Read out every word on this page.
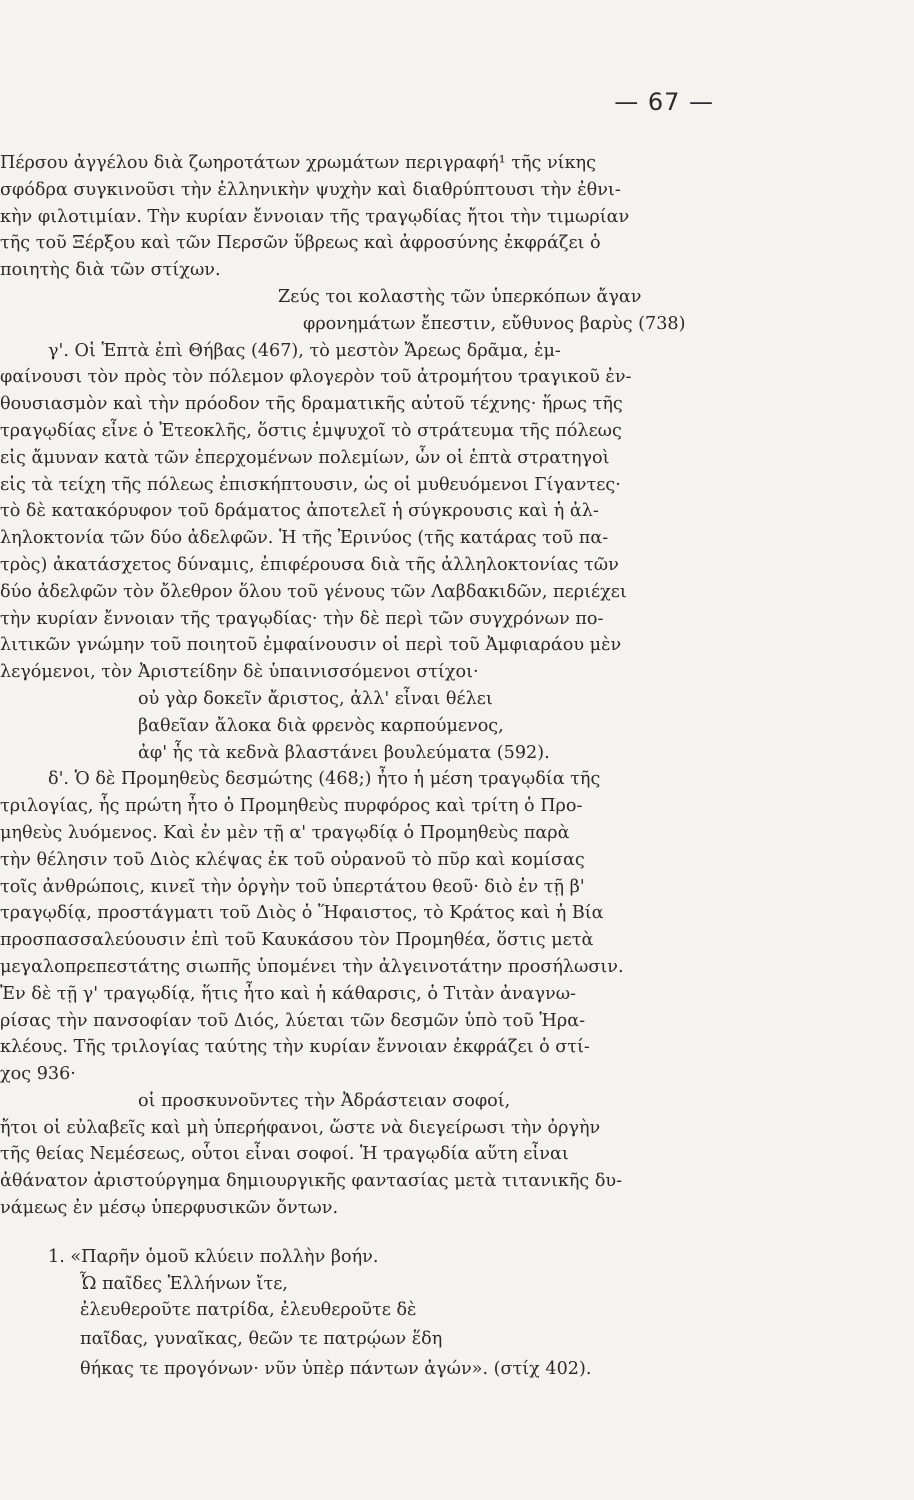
— 67 —
Πέρσου ἀγγέλου διὰ ζωηροτάτων χρωμάτων περιγραφή¹ τῆς νίκης
σφόδρα συγκινοῦσι τὴν ἑλληνικὴν ψυχὴν καὶ διαθρύπτουσι τὴν ἐθνι-
κὴν φιλοτιμίαν. Τὴν κυρίαν ἔννοιαν τῆς τραγῳδίας ἤτοι τὴν τιμωρίαν
τῆς τοῦ Ξέρξου καὶ τῶν Περσῶν ὕβρεως καὶ ἀφροσύνης ἐκφράζει ὁ
ποιητὴς διὰ τῶν στίχων.
Ζεύς τοι κολαστὴς τῶν ὑπερκόπων ἄγαν
φρονημάτων ἔπεστιν, εὔθυνος βαρὺς (738)
γ'. Οἱ Ἑπτὰ ἐπὶ Θήβας (467), τὸ μεστὸν Ἄρεως δρᾶμα, ἐμ-
φαίνουσι τὸν πρὸς τὸν πόλεμον φλογερὸν τοῦ ἀτρομήτου τραγικοῦ ἐν-
θουσιασμὸν καὶ τὴν πρόοδον τῆς δραματικῆς αὐτοῦ τέχνης· ἥρως τῆς
τραγῳδίας εἶνε ὁ Ἐτεοκλῆς, ὅστις ἐμψυχοῖ τὸ στράτευμα τῆς πόλεως
εἰς ἄμυναν κατὰ τῶν ἐπερχομένων πολεμίων, ὧν οἱ ἑπτὰ στρατηγοὶ
εἰς τὰ τείχη τῆς πόλεως ἐπισκήπτουσιν, ὡς οἱ μυθευόμενοι Γίγαντες·
τὸ δὲ κατακόρυφον τοῦ δράματος ἀποτελεῖ ἡ σύγκρουσις καὶ ἡ ἀλ-
ληλοκτονία τῶν δύο ἀδελφῶν. Ἡ τῆς Ἐρινύος (τῆς κατάρας τοῦ πα-
τρὸς) ἀκατάσχετος δύναμις, ἐπιφέρουσα διὰ τῆς ἀλληλοκτονίας τῶν
δύο ἀδελφῶν τὸν ὄλεθρον ὅλου τοῦ γένους τῶν Λαβδακιδῶν, περιέχει
τὴν κυρίαν ἔννοιαν τῆς τραγῳδίας· τὴν δὲ περὶ τῶν συγχρόνων πο-
λιτικῶν γνώμην τοῦ ποιητοῦ ἐμφαίνουσιν οἱ περὶ τοῦ Ἀμφιαράου μὲν
λεγόμενοι, τὸν Ἀριστείδην δὲ ὑπαινισσόμενοι στίχοι·
οὐ γὰρ δοκεῖν ἄριστος, ἀλλ' εἶναι θέλει
βαθεῖαν ἄλοκα διὰ φρενὸς καρπούμενος,
ἀφ' ἧς τὰ κεδνὰ βλαστάνει βουλεύματα (592).
δ'. Ὁ δὲ Προμηθεὺς δεσμώτης (468;) ἦτο ἡ μέση τραγῳδία τῆς
τριλογίας, ἧς πρώτη ἦτο ὁ Προμηθεὺς πυρφόρος καὶ τρίτη ὁ Προ-
μηθεὺς λυόμενος. Καὶ ἐν μὲν τῇ α' τραγῳδίᾳ ὁ Προμηθεὺς παρὰ
τὴν θέλησιν τοῦ Διὸς κλέψας ἐκ τοῦ οὐρανοῦ τὸ πῦρ καὶ κομίσας
τοῖς ἀνθρώποις, κινεῖ τὴν ὀργὴν τοῦ ὑπερτάτου θεοῦ· διὸ ἐν τῇ β'
τραγῳδίᾳ, προστάγματι τοῦ Διὸς ὁ Ἥφαιστος, τὸ Κράτος καὶ ἡ Βία
προσπασσαλεύουσιν ἐπὶ τοῦ Καυκάσου τὸν Προμηθέα, ὅστις μετὰ
μεγαλοπρεπεστάτης σιωπῆς ὑπομένει τὴν ἀλγεινοτάτην προσήλωσιν.
Ἐν δὲ τῇ γ' τραγῳδίᾳ, ἥτις ἦτο καὶ ἡ κάθαρσις, ὁ Τιτὰν ἀναγνω-
ρίσας τὴν πανσοφίαν τοῦ Διός, λύεται τῶν δεσμῶν ὑπὸ τοῦ Ἡρα-
κλέους. Τῆς τριλογίας ταύτης τὴν κυρίαν ἔννοιαν ἐκφράζει ὁ στί-
χος 936·
οἱ προσκυνοῦντες τὴν Ἀδράστειαν σοφοί,
ἤτοι οἱ εὐλαβεῖς καὶ μὴ ὑπερήφανοι, ὥστε νὰ διεγείρωσι τὴν ὀργὴν
τῆς θείας Νεμέσεως, οὗτοι εἶναι σοφοί. Ἡ τραγῳδία αὕτη εἶναι
ἀθάνατον ἀριστούργημα δημιουργικῆς φαντασίας μετὰ τιτανικῆς δυ-
νάμεως ἐν μέσῳ ὑπερφυσικῶν ὄντων.
1. «Παρῆν ὁμοῦ κλύειν πολλὴν βοήν.
Ὦ παῖδες Ἑλλήνων ἴτε,
ἐλευθεροῦτε πατρίδα, ἐλευθεροῦτε δὲ
παῖδας, γυναῖκας, θεῶν τε πατρῴων ἕδη
θήκας τε προγόνων· νῦν ὑπὲρ πάντων ἀγών». (στίχ 402).
